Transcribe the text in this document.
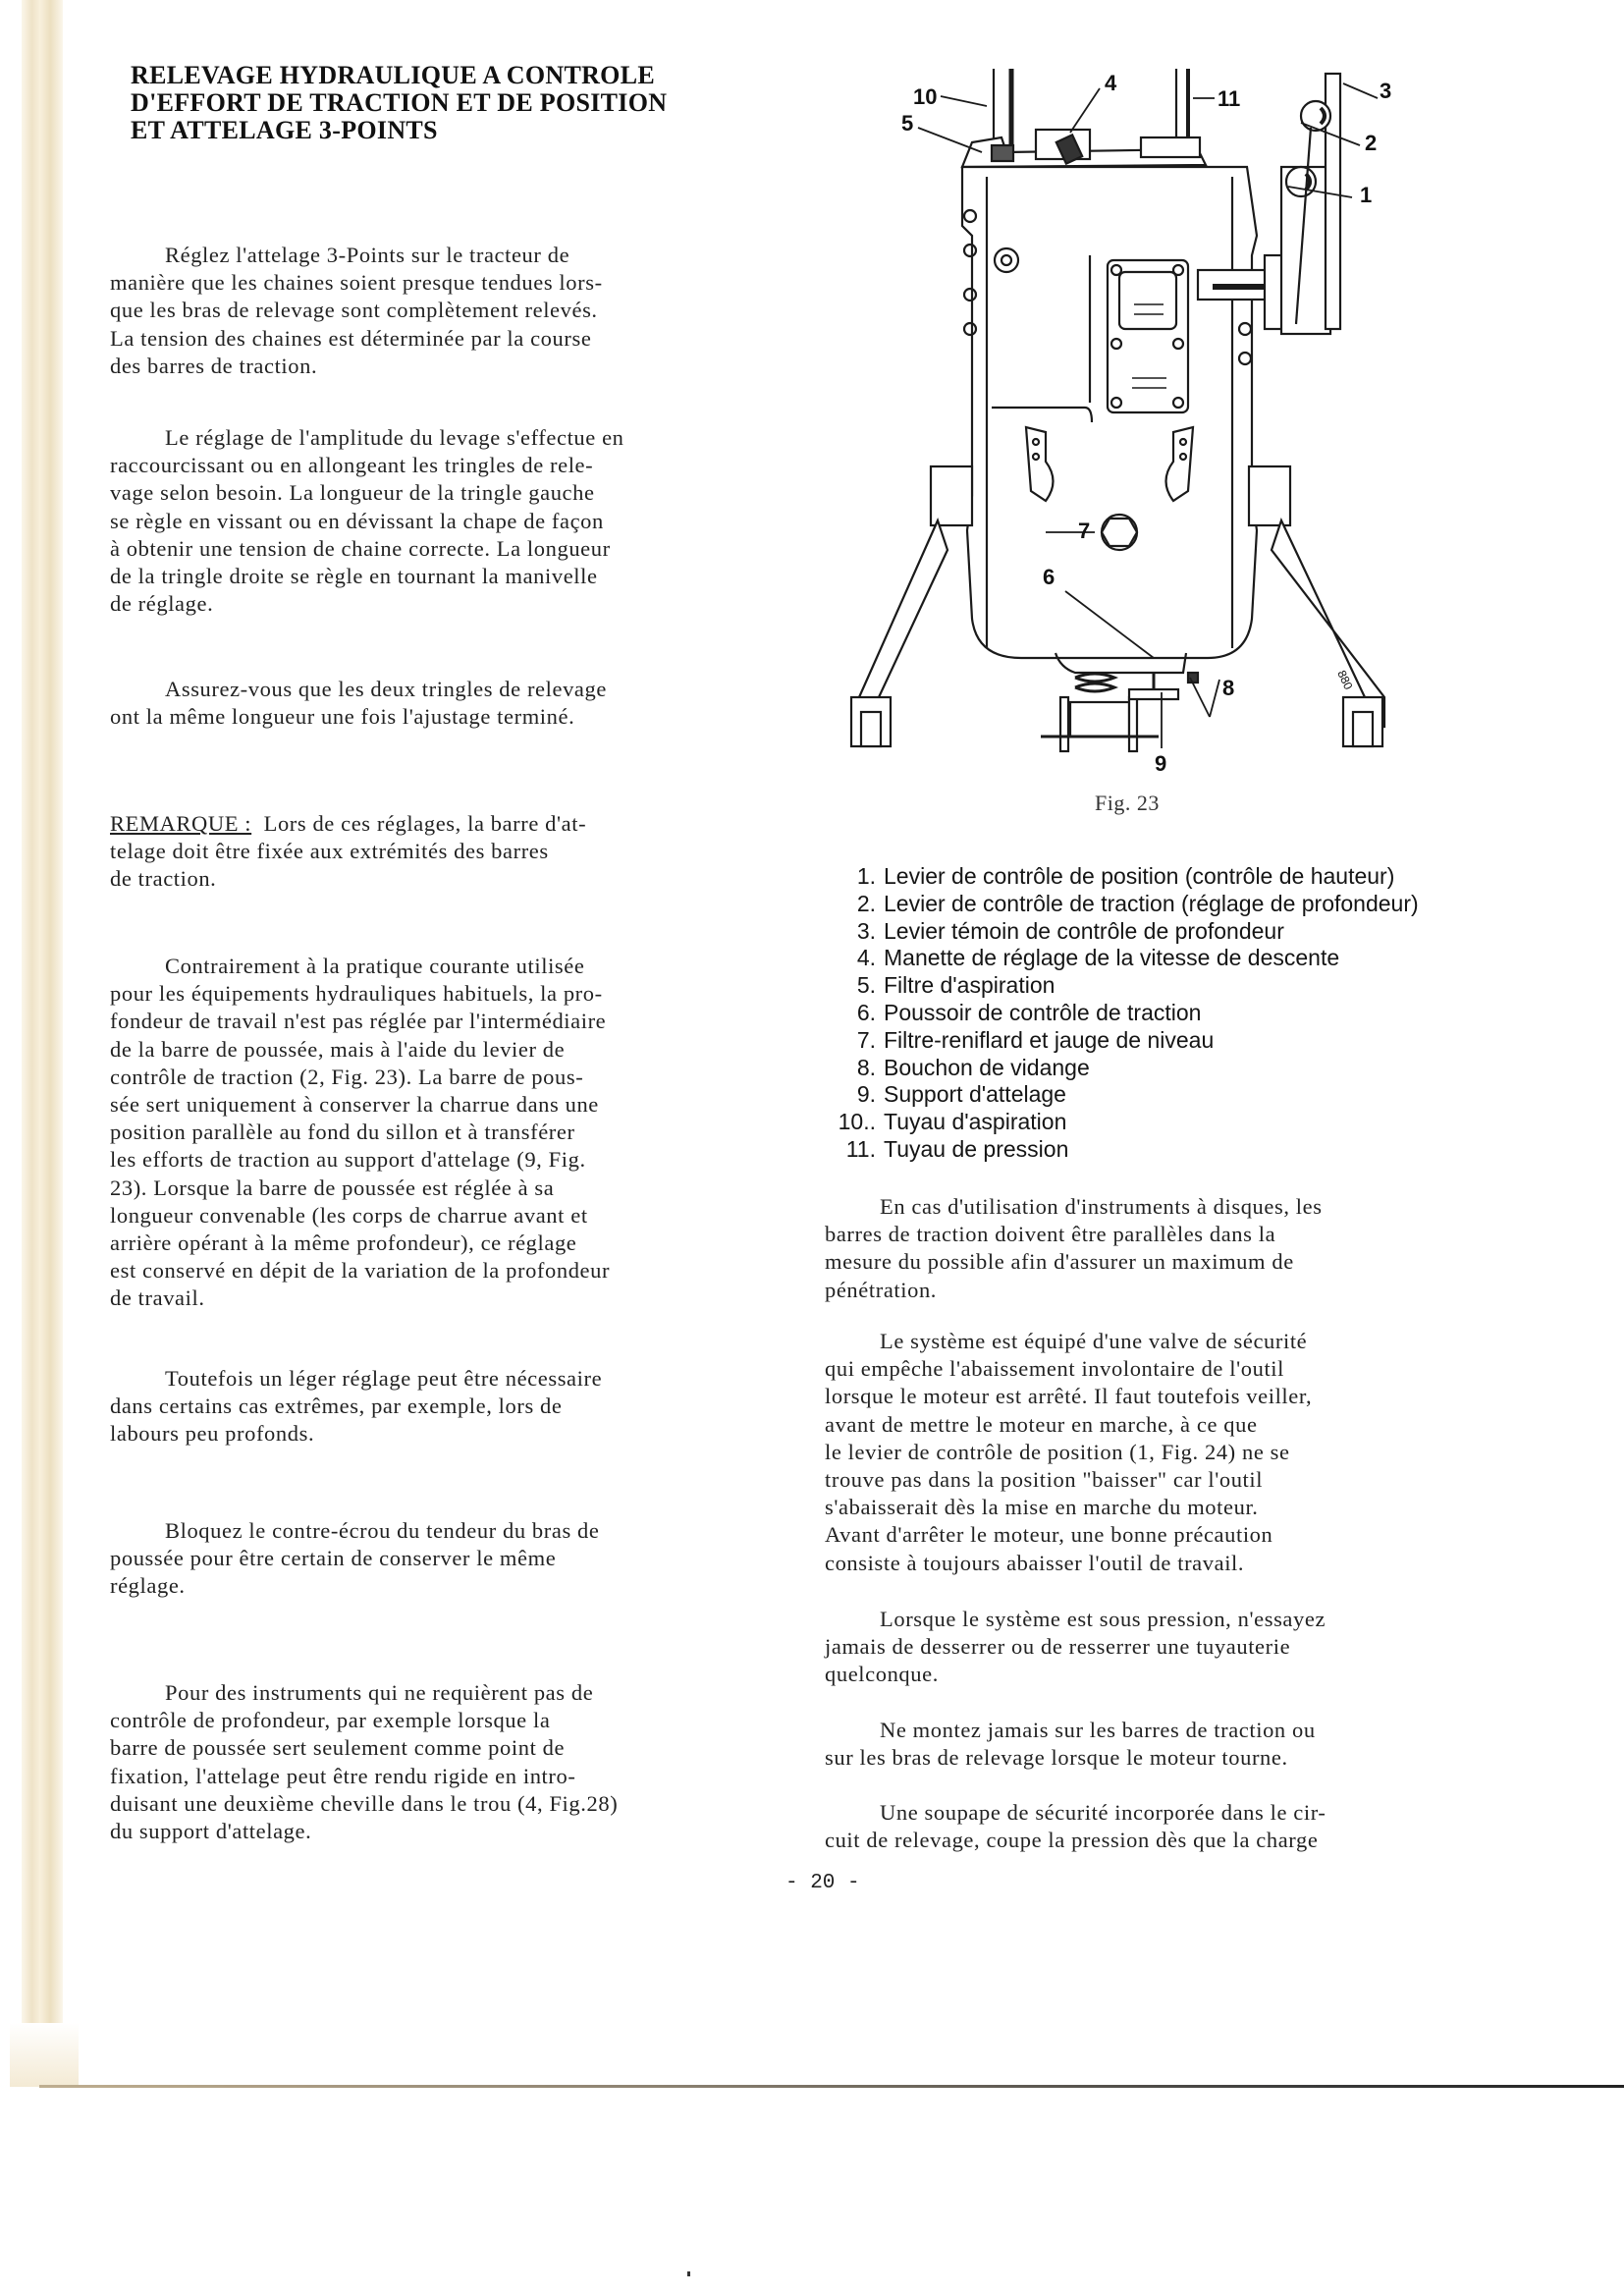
RELEVAGE HYDRAULIQUE A CONTROLE
D'EFFORT DE TRACTION ET DE POSITION
ET ATTELAGE 3-POINTS
Réglez l'attelage 3-Points sur le tracteur de
manière que les chaines soient presque tendues lors-
que les bras de relevage sont complètement relevés.
La tension des chaines est déterminée par la course
des barres de traction.
Le réglage de l'amplitude du levage s'effectue en
raccourcissant ou en allongeant les tringles de rele-
vage selon besoin. La longueur de la tringle gauche
se règle en vissant ou en dévissant la chape de façon
à obtenir une tension de chaine correcte. La longueur
de la tringle droite se règle en tournant la manivelle
de réglage.
Assurez-vous que les deux tringles de relevage
ont la même longueur une fois l'ajustage terminé.
REMARQUE : Lors de ces réglages, la barre d'at-
telage doit être fixée aux extrémités des barres
de traction.
Contrairement à la pratique courante utilisée
pour les équipements hydrauliques habituels, la pro-
fondeur de travail n'est pas réglée par l'intermédiaire
de la barre de poussée, mais à l'aide du levier de
contrôle de traction (2, Fig. 23). La barre de pous-
sée sert uniquement à conserver la charrue dans une
position parallèle au fond du sillon et à transférer
les efforts de traction au support d'attelage (9, Fig.
23). Lorsque la barre de poussée est réglée à sa
longueur convenable (les corps de charrue avant et
arrière opérant à la même profondeur), ce réglage
est conservé en dépit de la variation de la profondeur
de travail.
Toutefois un léger réglage peut être nécessaire
dans certains cas extrêmes, par exemple, lors de
labours peu profonds.
Bloquez le contre-écrou du tendeur du bras de
poussée pour être certain de conserver le même
réglage.
Pour des instruments qui ne requièrent pas de
contrôle de profondeur, par exemple lorsque la
barre de poussée sert seulement comme point de
fixation, l'attelage peut être rendu rigide en intro-
duisant une deuxième cheville dans le trou (4, Fig.28)
du support d'attelage.
1
2
3
4
5
6
7
8
9
10	11
880
Fig. 23
1. Levier de contrôle de position (contrôle de hauteur)
2. Levier de contrôle de traction (réglage de profondeur)
3. Levier témoin de contrôle de profondeur
4. Manette de réglage de la vitesse de descente
5. Filtre d'aspiration
6. Poussoir de contrôle de traction
7. Filtre-reniflard et jauge de niveau
8. Bouchon de vidange
9. Support d'attelage
10.. Tuyau d'aspiration
11. Tuyau de pression
En cas d'utilisation d'instruments à disques, les
barres de traction doivent être parallèles dans la
mesure du possible afin d'assurer un maximum de
pénétration.
Le système est équipé d'une valve de sécurité
qui empêche l'abaissement involontaire de l'outil
lorsque le moteur est arrêté. Il faut toutefois veiller,
avant de mettre le moteur en marche, à ce que
le levier de contrôle de position (1, Fig. 24) ne se
trouve pas dans la position "baisser" car l'outil
s'abaisserait dès la mise en marche du moteur.
Avant d'arrêter le moteur, une bonne précaution
consiste à toujours abaisser l'outil de travail.
Lorsque le système est sous pression, n'essayez
jamais de desserrer ou de resserrer une tuyauterie
quelconque.
Ne montez jamais sur les barres de traction ou
sur les bras de relevage lorsque le moteur tourne.
Une soupape de sécurité incorporée dans le cir-
cuit de relevage, coupe la pression dès que la charge
- 20 -
